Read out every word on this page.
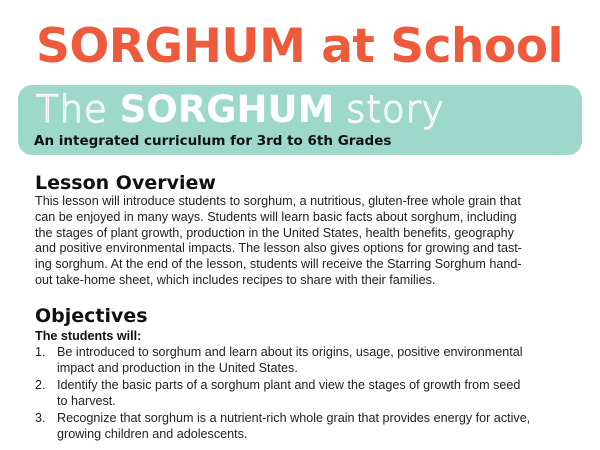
SORGHUM at School
The SORGHUM story

An integrated curriculum for 3rd to 6th Grades

Lesson Overview

This lesson will introduce students to sorghum, a nutritious, gluten-free whole grain that
can be enjoyed in many ways. Students will learn basic facts about sorghum, including
the stages of plant growth, production in the United States, health benefits, geography
and positive environmental impacts. The lesson also gives options for growing and tast-
ing sorghum. At the end of the lesson, students will receive the Starring Sorghum hand-
out take-home sheet, which includes recipes to share with their families.

Objectives

The students will:

1. Be introduced to sorghum and learn about its origins, usage, positive environmental
impact and production in the United States.
2. Identify the basic parts of a sorghum plant and view the stages of growth from seed
to harvest.
3. Recognize that sorghum is a nutrient-rich whole grain that provides energy for active,
growing children and adolescents.
